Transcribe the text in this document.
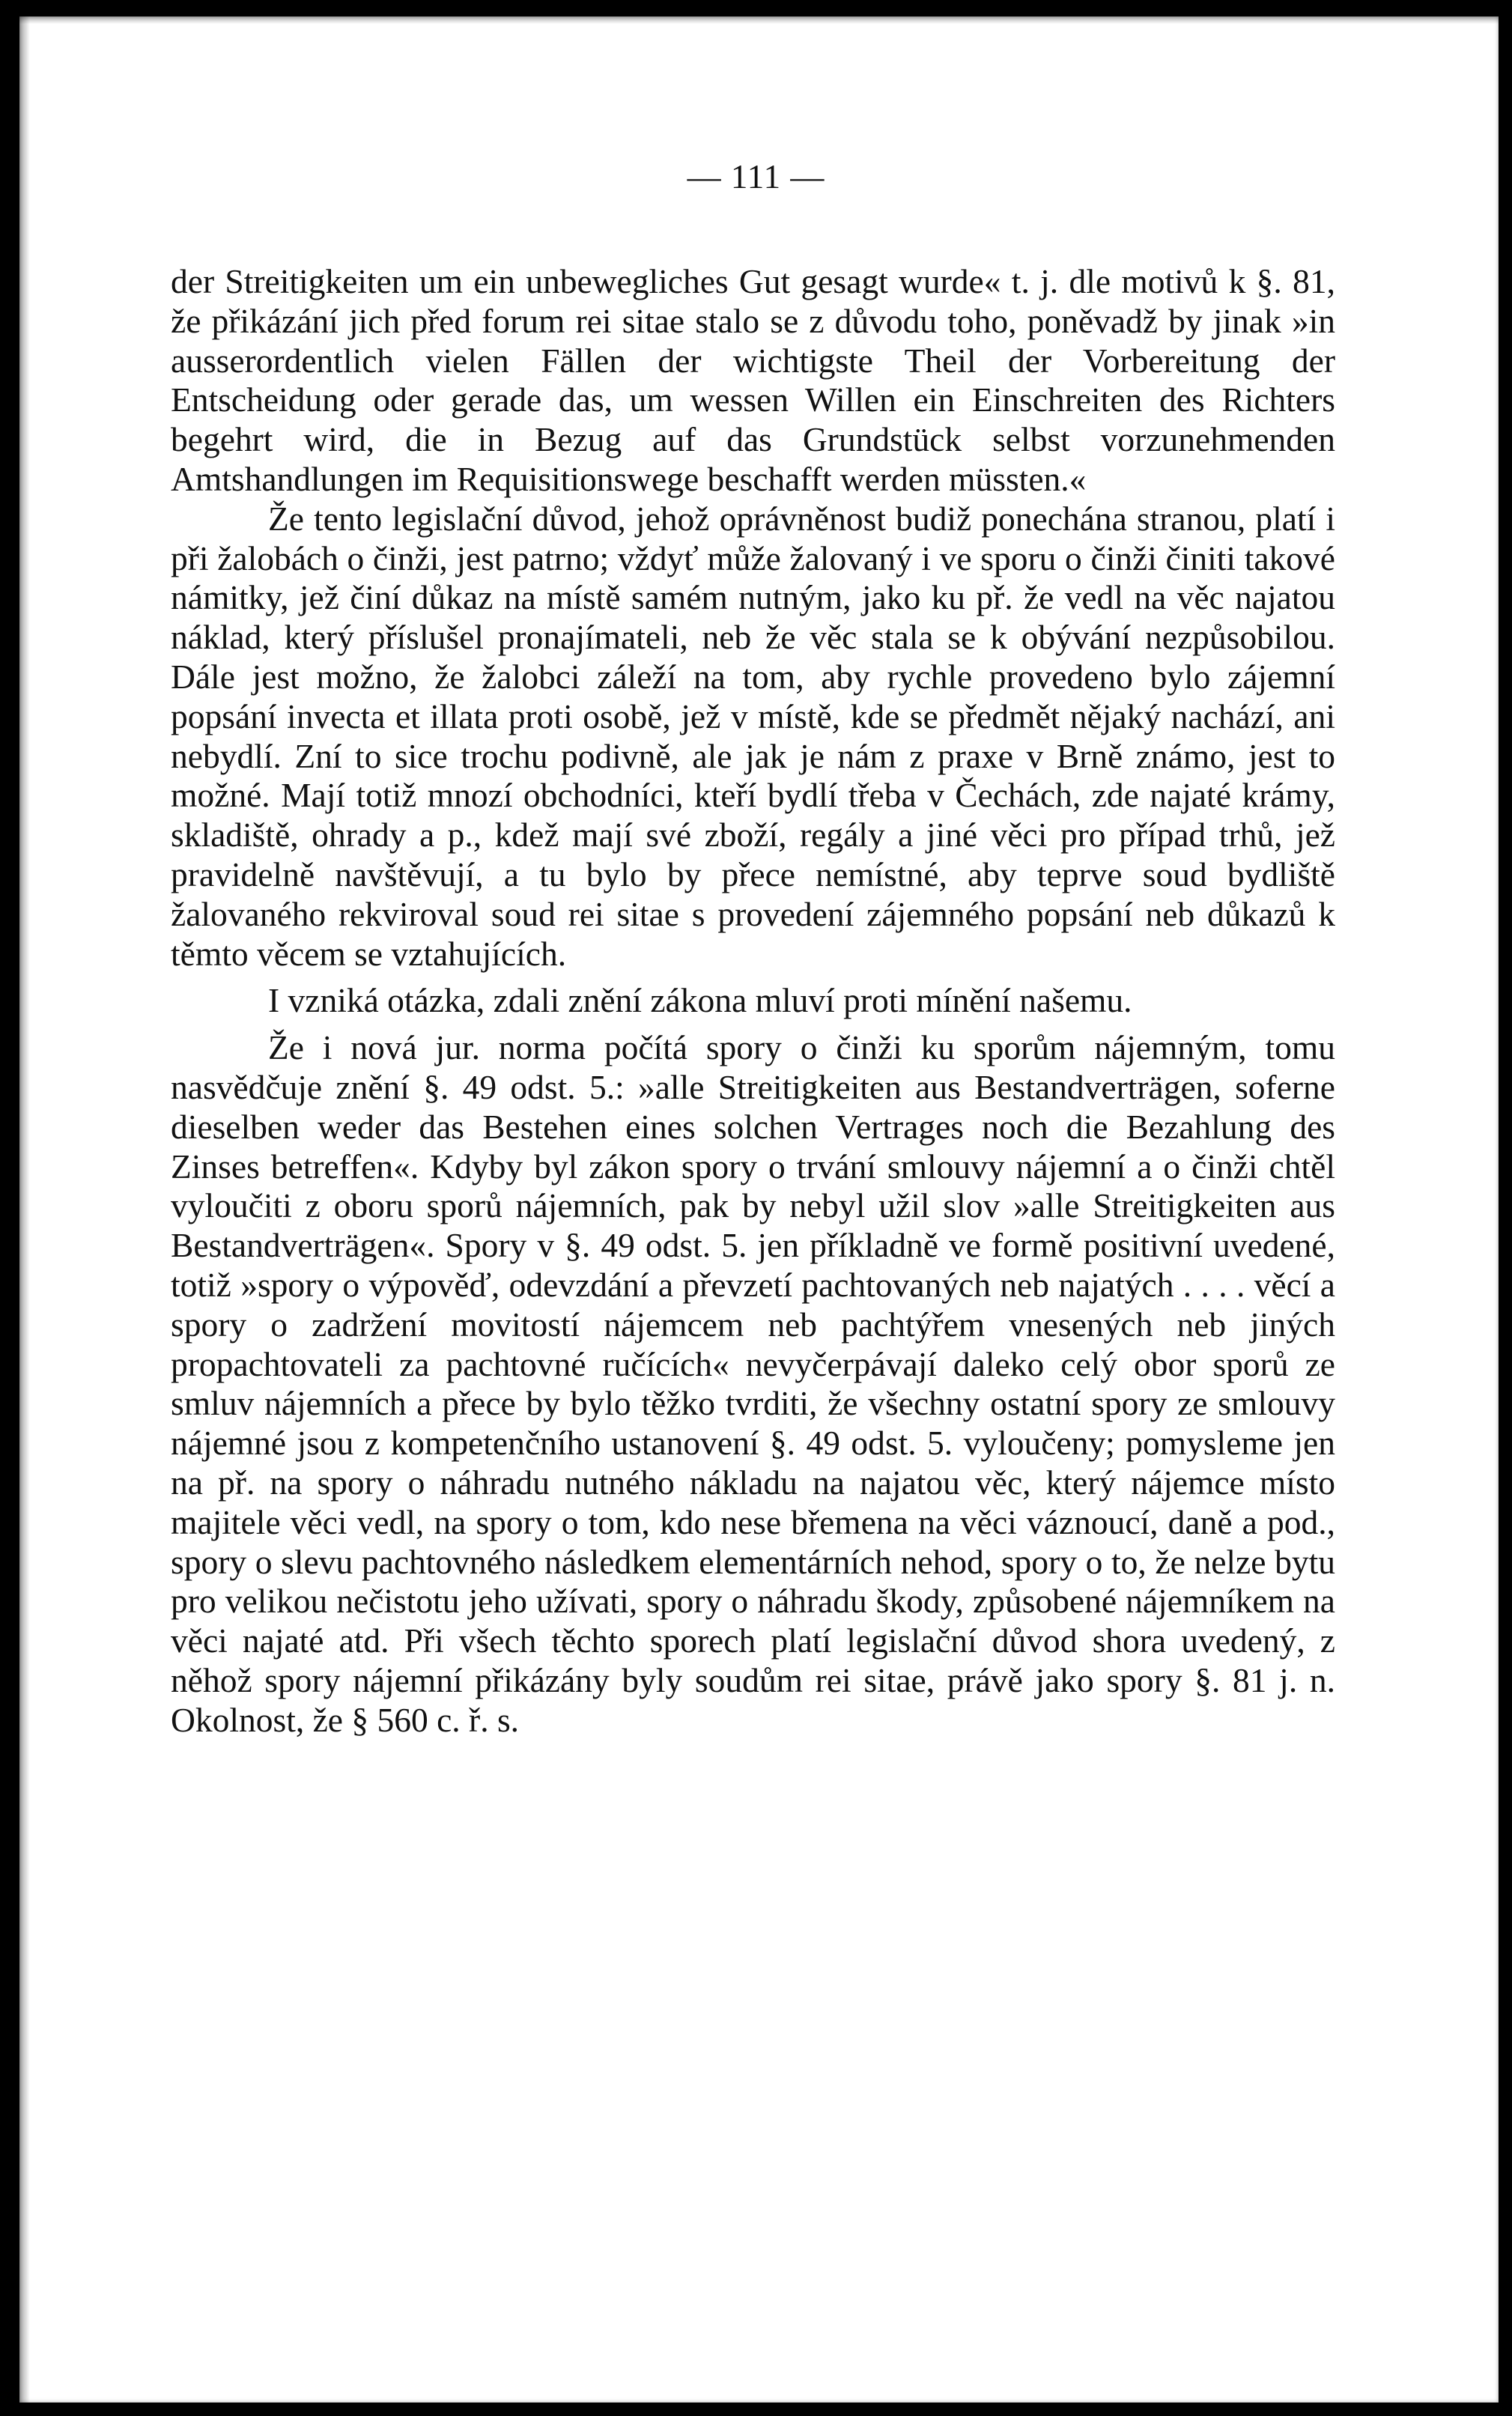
— 111 —

der Streitigkeiten um ein unbewegliches Gut gesagt wurde« t. j. dle motivů k §. 81, že přikázání jich před forum rei sitae stalo se z důvodu toho, poněvadž by jinak »in ausserordentlich vielen Fällen der wichtigste Theil der Vorbereitung der Entscheidung oder gerade das, um wessen Willen ein Einschreiten des Richters begehrt wird, die in Bezug auf das Grundstück selbst vorzunehmenden Amtshandlungen im Requisitionswege beschafft werden müssten.«

Že tento legislační důvod, jehož oprávněnost budiž ponechána stranou, platí i při žalobách o činži, jest patrno; vždyť může žalovaný i ve sporu o činži činiti takové námitky, jež činí důkaz na místě samém nutným, jako ku př. že vedl na věc najatou náklad, který příslušel pronajímateli, neb že věc stala se k obývání nezpůsobilou. Dále jest možno, že žalobci záleží na tom, aby rychle provedeno bylo zájemní popsání invecta et illata proti osobě, jež v místě, kde se předmět nějaký nachází, ani nebydlí. Zní to sice trochu podivně, ale jak je nám z praxe v Brně známo, jest to možné. Mají totiž mnozí obchodníci, kteří bydlí třeba v Čechách, zde najaté krámy, skladiště, ohrady a p., kdež mají své zboží, regály a jiné věci pro případ trhů, jež pravidelně navštěvují, a tu bylo by přece nemístné, aby teprve soud bydliště žalovaného rekviroval soud rei sitae s provedení zájemného popsání neb důkazů k těmto věcem se vztahujících.

I vzniká otázka, zdali znění zákona mluví proti mínění našemu.

Že i nová jur. norma počítá spory o činži ku sporům nájemným, tomu nasvědčuje znění §. 49 odst. 5.: »alle Streitigkeiten aus Bestandverträgen, soferne dieselben weder das Bestehen eines solchen Vertrages noch die Bezahlung des Zinses betreffen«. Kdyby byl zákon spory o trvání smlouvy nájemní a o činži chtěl vyloučiti z oboru sporů nájemních, pak by nebyl užil slov »alle Streitigkeiten aus Bestandverträgen«. Spory v §. 49 odst. 5. jen příkladně ve formě positivní uvedené, totiž »spory o výpověď, odevzdání a převzetí pachtovaných neb najatých . . . . věcí a spory o zadržení movitostí nájemcem neb pachtýřem vnesených neb jiných propachtovateli za pachtovné ručících« nevyčerpávají daleko celý obor sporů ze smluv nájemních a přece by bylo těžko tvrditi, že všechny ostatní spory ze smlouvy nájemné jsou z kompetenčního ustanovení §. 49 odst. 5. vyloučeny; pomysleme jen na př. na spory o náhradu nutného nákladu na najatou věc, který nájemce místo majitele věci vedl, na spory o tom, kdo nese břemena na věci váznoucí, daně a pod., spory o slevu pachtovného následkem elementárních nehod, spory o to, že nelze bytu pro velikou nečistotu jeho užívati, spory o náhradu škody, způsobené nájemníkem na věci najaté atd. Při všech těchto sporech platí legislační důvod shora uvedený, z něhož spory nájemní přikázány byly soudům rei sitae, právě jako spory §. 81 j. n. Okolnost, že § 560 c. ř. s.
